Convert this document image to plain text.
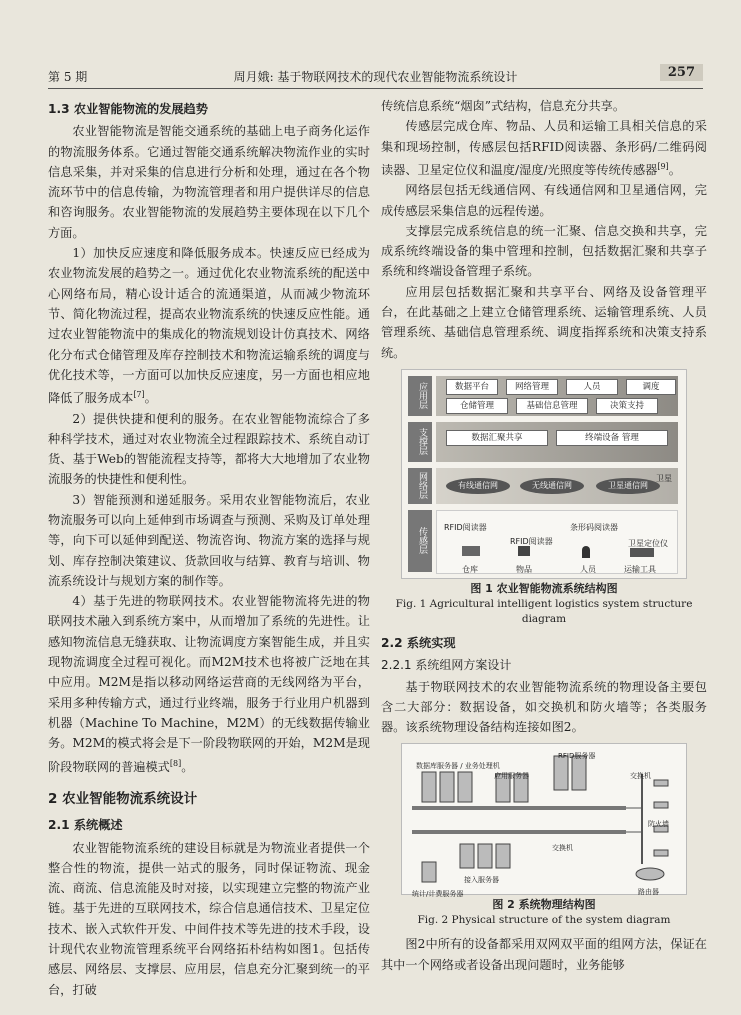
第 5 期	周月娥: 基于物联网技术的现代农业智能物流系统设计	257
1.3 农业智能物流的发展趋势

农业智能物流是智能交通系统的基础上电子商务化运作的物流服务体系。它通过智能交通系统解决物流作业的实时信息采集，并对采集的信息进行分析和处理，通过在各个物流环节中的信息传输，为物流管理者和用户提供详尽的信息和咨询服务。农业智能物流的发展趋势主要体现在以下几个方面。

1）加快反应速度和降低服务成本。快速反应已经成为农业物流发展的趋势之一。通过优化农业物流系统的配送中心网络布局，精心设计适合的流通渠道，从而减少物流环节、简化物流过程，提高农业物流系统的快速反应性能。通过农业智能物流中的集成化的物流规划设计仿真技术、网络化分布式仓储管理及库存控制技术和物流运输系统的调度与优化技术等，一方面可以加快反应速度，另一方面也相应地降低了服务成本[7]。

2）提供快捷和便利的服务。在农业智能物流综合了多种科学技术，通过对农业物流全过程跟踪技术、系统自动订货、基于Web的智能流程支持等，都将大大地增加了农业物流服务的快捷性和便利性。

3）智能预测和递延服务。采用农业智能物流后，农业物流服务可以向上延伸到市场调查与预测、采购及订单处理等，向下可以延伸到配送、物流咨询、物流方案的选择与规划、库存控制决策建议、货款回收与结算、教育与培训、物流系统设计与规划方案的制作等。

4）基于先进的物联网技术。农业智能物流将先进的物联网技术融入到系统方案中，从而增加了系统的先进性。让感知物流信息无缝获取、让物流调度方案智能生成，并且实现物流调度全过程可视化。而M2M技术也将被广泛地在其中应用。M2M是指以移动网络运营商的无线网络为平台，采用多种传输方式，通过行业终端，服务于行业用户机器到机器（Machine To Machine，M2M）的无线数据传输业务。M2M的模式将会是下一阶段物联网的开始，M2M是现阶段物联网的普遍模式[8]。

2 农业智能物流系统设计
2.1 系统概述

农业智能物流系统的建设目标就是为物流业者提供一个整合性的物流，提供一站式的服务，同时保证物流、现金流、商流、信息流能及时对接，以实现建立完整的物流产业链。基于先进的互联网技术，综合信息通信技术、卫星定位技术、嵌入式软件开发、中间件技术等先进的技术手段，设计现代农业物流管理系统平台网络拓朴结构如图1。包括传感层、网络层、支撑层、应用层，信息充分汇聚到统一的平台，打破

传统信息系统“烟囱”式结构，信息充分共享。

传感层完成仓库、物品、人员和运输工具相关信息的采集和现场控制，传感层包括RFID阅读器、条形码/二维码阅读器、卫星定位仪和温度/湿度/光照度等传统传感器[9]。

网络层包括无线通信网、有线通信网和卫星通信网，完成传感层采集信息的远程传递。

支撑层完成系统信息的统一汇聚、信息交换和共享，完成系统终端设备的集中管理和控制，包括数据汇聚和共享子系统和终端设备管理子系统。

应用层包括数据汇聚和共享平台、网络及设备管理平台，在此基础之上建立仓储管理系统、运输管理系统、人员管理系统、基础信息管理系统、调度指挥系统和决策支持系统。

应用层	数据平台	网络管理	人员	调度
仓储管理	基础信息管理	决策支持
支撑层	数据汇聚共享	终端设备 管理
网络层	有线通信网	无线通信网	卫星通信网
卫星
传感层	RFID阅读器
RFID阅读器
条形码阅读器
卫星定位仪
仓库	物品	人员	运输工具
图 1 农业智能物流系统结构图
Fig. 1 Agricultural intelligent logistics system structure diagram
2.2 系统实现
2.2.1 系统组网方案设计

基于物联网技术的农业智能物流系统的物理设备主要包含二大部分：数据设备，如交换机和防火墙等；各类服务器。该系统物理设备结构连接如图2。

RFID服务器
数据库服务器 / 业务处理机
应用服务器	交换机
交换机
防火墙
路由器
接入服务器
统计/计费服务器
图 2 系统物理结构图
Fig. 2 Physical structure of the system diagram

图2中所有的设备都采用双网双平面的组网方法，保证在其中一个网络或者设备出现问题时，业务能够
